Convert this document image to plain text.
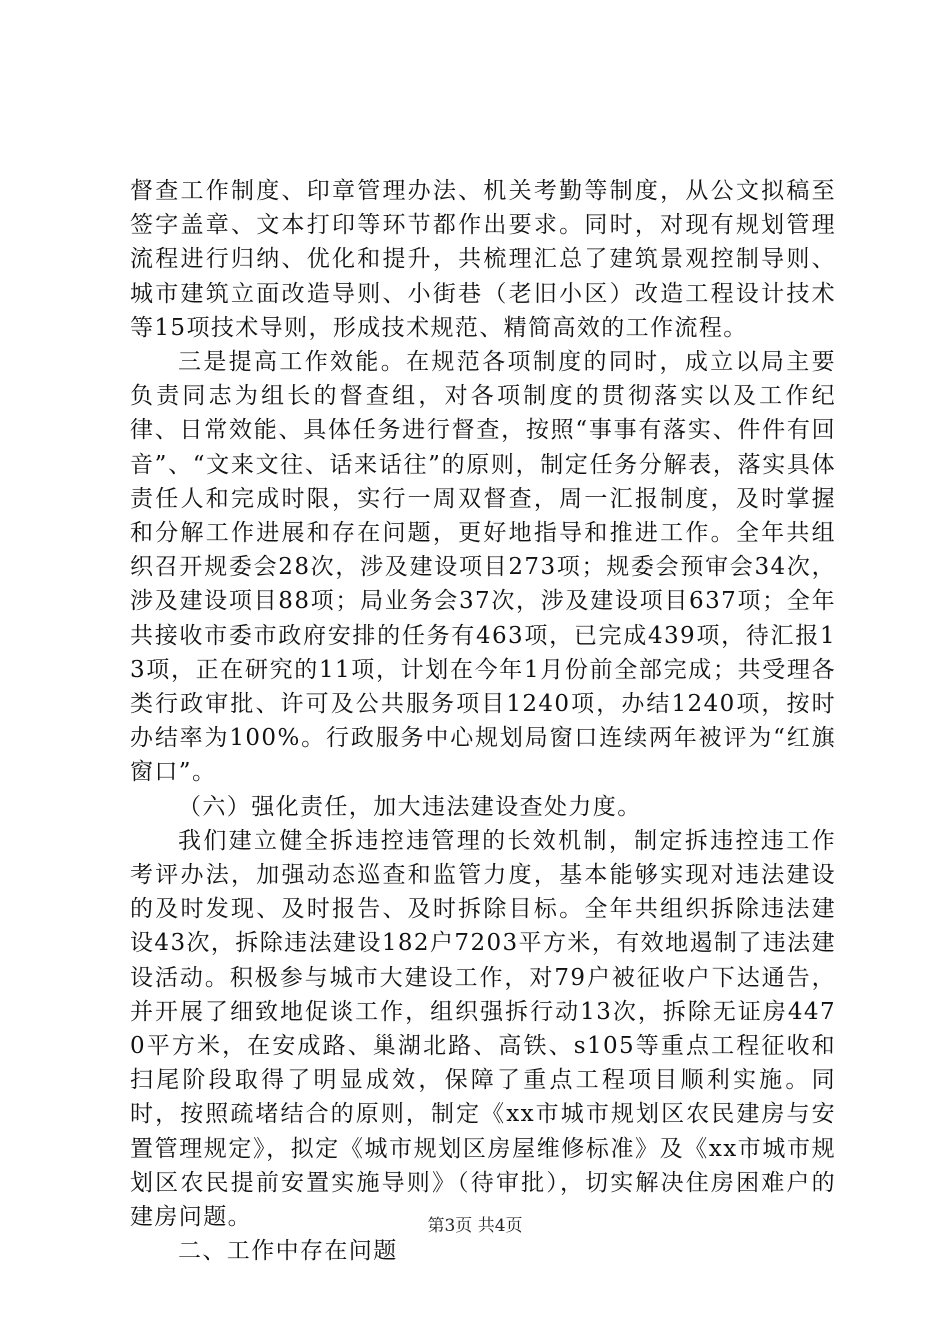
督查工作制度、印章管理办法、机关考勤等制度，从公文拟稿至签字盖章、文本打印等环节都作出要求。同时，对现有规划管理流程进行归纳、优化和提升，共梳理汇总了建筑景观控制导则、城市建筑立面改造导则、小街巷（老旧小区）改造工程设计技术等15项技术导则，形成技术规范、精简高效的工作流程。

三是提高工作效能。在规范各项制度的同时，成立以局主要负责同志为组长的督查组，对各项制度的贯彻落实以及工作纪律、日常效能、具体任务进行督查，按照“事事有落实、件件有回音”、“文来文往、话来话往”的原则，制定任务分解表，落实具体责任人和完成时限，实行一周双督查，周一汇报制度，及时掌握和分解工作进展和存在问题，更好地指导和推进工作。全年共组织召开规委会28次，涉及建设项目273项；规委会预审会34次，涉及建设项目88项；局业务会37次，涉及建设项目637项；全年共接收市委市政府安排的任务有463项，已完成439项，待汇报13项，正在研究的11项，计划在今年1月份前全部完成；共受理各类行政审批、许可及公共服务项目1240项，办结1240项，按时办结率为100%。行政服务中心规划局窗口连续两年被评为“红旗窗口”。

（六）强化责任，加大违法建设查处力度。

我们建立健全拆违控违管理的长效机制，制定拆违控违工作考评办法，加强动态巡查和监管力度，基本能够实现对违法建设的及时发现、及时报告、及时拆除目标。全年共组织拆除违法建设43次，拆除违法建设182户7203平方米，有效地遏制了违法建设活动。积极参与城市大建设工作，对79户被征收户下达通告，并开展了细致地促谈工作，组织强拆行动13次，拆除无证房4470平方米，在安成路、巢湖北路、高铁、s105等重点工程征收和扫尾阶段取得了明显成效，保障了重点工程项目顺利实施。同时，按照疏堵结合的原则，制定《xx市城市规划区农民建房与安置管理规定》，拟定《城市规划区房屋维修标准》及《xx市城市规划区农民提前安置实施导则》（待审批），切实解决住房困难户的建房问题。

二、工作中存在问题

第3页 共4页
